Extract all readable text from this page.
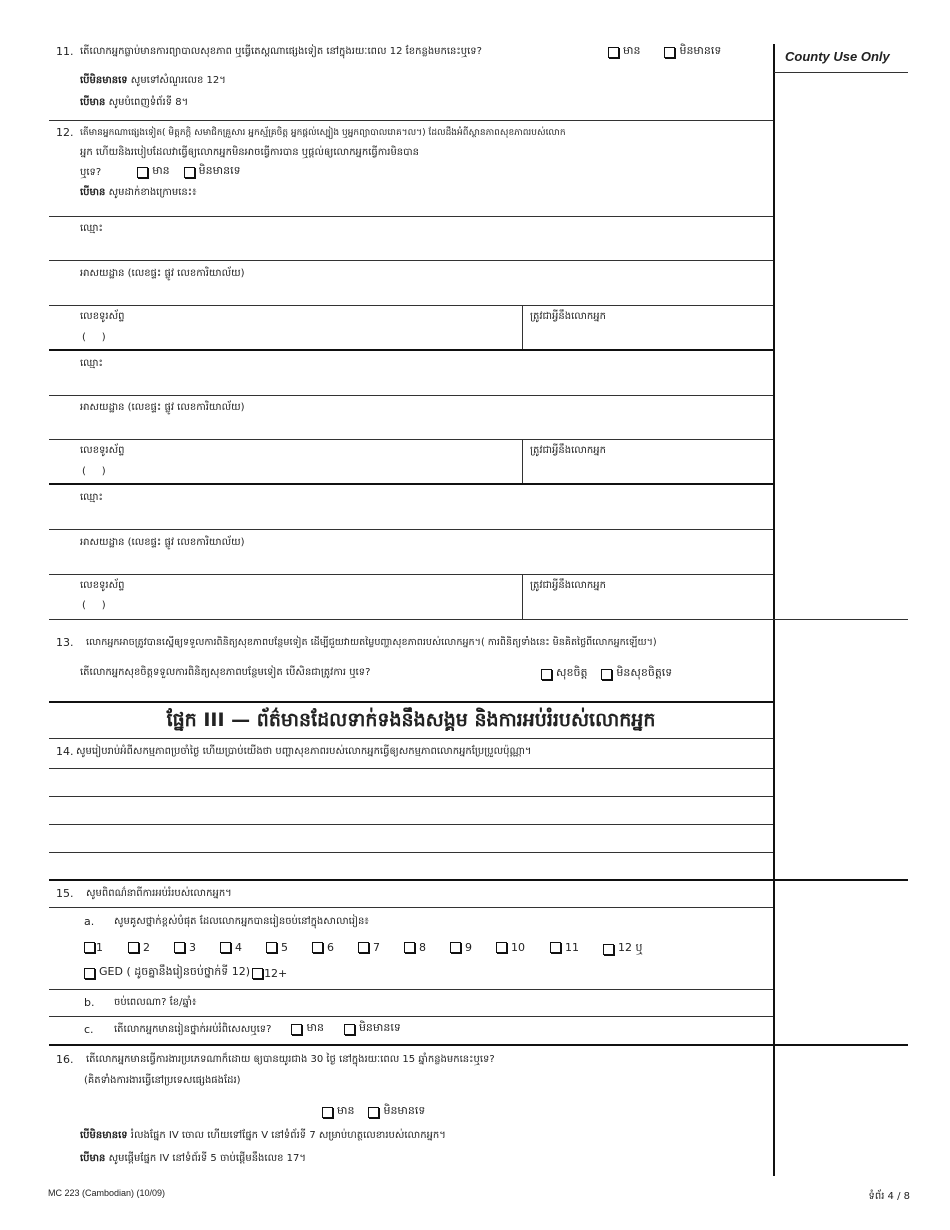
County Use Only
11. តើលោកអ្នកធ្លាប់មានការព្យាបាលសុខភាព ឬធ្វើតេស្តណាផ្សេងទៀត នៅក្នុងរយៈពេល 12 ខែកន្លងមកនេះឬទេ?	មាន	មិនមានទេ
បើមិនមានទេ សូមទៅសំណួរលេខ 12។
បើមាន សូមបំពេញទំព័រទី 8។
12. តើមានអ្នកណាផ្សេងទៀត( មិត្តភក្តិ សមាជិកគ្រួសារ អ្នកស្ម័គ្រចិត្ត អ្នកផ្តល់ស្បៀង ឬអ្នកព្យាបាលរោគ។ល។) ដែលដឹងអំពីស្ថានភាពសុខភាពរបស់លោក
អ្នក ហើយនិងរបៀបដែលវាធ្វើឲ្យលោកអ្នកមិនអាចធ្វើការបាន ឬផ្តល់ឲ្យលោកអ្នកធ្វើការមិនបាន
ឬទេ?	មាន	មិនមានទេ
បើមាន សូមដាក់ខាងក្រោមនេះ៖
ឈ្មោះ
អាសយដ្ឋាន (លេខផ្ទះ ផ្លូវ លេខការិយាល័យ)
លេខទូរស័ព្ទ
(     )
ត្រូវជាអ្វីនឹងលោកអ្នក
ឈ្មោះ
អាសយដ្ឋាន (លេខផ្ទះ ផ្លូវ លេខការិយាល័យ)
លេខទូរស័ព្ទ
(     )
ត្រូវជាអ្វីនឹងលោកអ្នក
ឈ្មោះ
អាសយដ្ឋាន (លេខផ្ទះ ផ្លូវ លេខការិយាល័យ)
លេខទូរស័ព្ទ
(     )
ត្រូវជាអ្វីនឹងលោកអ្នក
13. លោកអ្នកអាចត្រូវបានស្នើឲ្យទទួលការពិនិត្យសុខភាពបន្ថែមទៀត ដើម្បីជួយវាយតម្លៃបញ្ហាសុខភាពរបស់លោកអ្នក។( ការពិនិត្យទាំងនេះ មិនគិតថ្លៃពីលោកអ្នកឡើយ។)
តើលោកអ្នកសុខចិត្តទទួលការពិនិត្យសុខភាពបន្ថែមទៀត បើសិនជាត្រូវការ ឬទេ?	សុខចិត្ត	មិនសុខចិត្តទេ
ផ្នែក III — ព័ត៌មានដែលទាក់ទងនឹងសង្គម និងការអប់រំរបស់លោកអ្នក
14. សូមរៀបរាប់អំពីសកម្មភាពប្រចាំថ្ងៃ ហើយប្រាប់យើងថា បញ្ហាសុខភាពរបស់លោកអ្នកធ្វើឲ្យសកម្មភាពលោកអ្នកប្រែប្រួលប៉ុណ្ណា។
15. សូមពិពណ៌នាពីការអប់រំរបស់លោកអ្នក។
a. សូមគូសថ្នាក់ខ្ពស់បំផុត ដែលលោកអ្នកបានរៀនចប់នៅក្នុងសាលារៀន៖
1	2	3	4	5	6	7	8	9	10	11	12 ឬ
GED ( ដូចគ្នានឹងរៀនចប់ថ្នាក់ទី 12) 12+
b. ចប់ពេលណា? ខែ/ឆ្នាំ៖
c. តើលោកអ្នកមានរៀនថ្នាក់អប់រំពិសេសឬទេ?	មាន	មិនមានទេ
16. តើលោកអ្នកមានធ្វើការងារប្រភេទណាក៏ដោយ ឲ្យបានយូរជាង 30 ថ្ងៃ នៅក្នុងរយៈពេល 15 ឆ្នាំកន្លងមកនេះឬទេ?
(គិតទាំងការងារធ្វើនៅប្រទេសផ្សេងផងដែរ)
មាន	មិនមានទេ
បើមិនមានទេ រំលងផ្នែក IV ចោល ហើយទៅផ្នែក V នៅទំព័រទី 7 សម្រាប់ហត្ថលេខារបស់លោកអ្នក។
បើមាន សូមផ្តើមផ្នែក IV នៅទំព័រទី 5 ចាប់ផ្តើមនឹងលេខ 17។
MC 223 (Cambodian) (10/09)	ទំព័រ 4 / 8
